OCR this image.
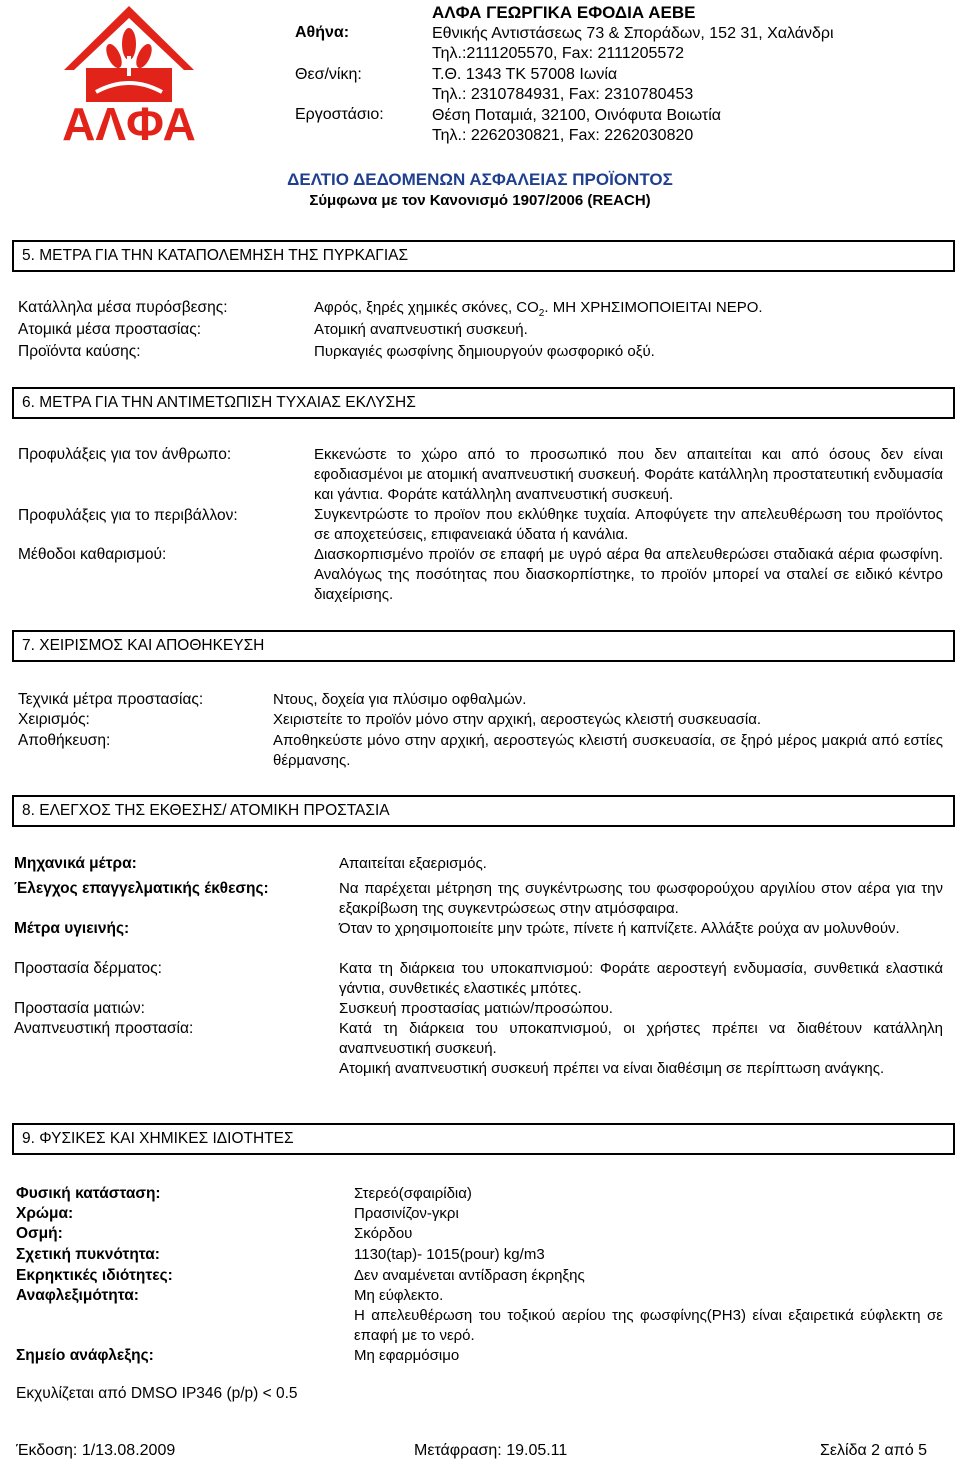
ΑΛΦΑ
Αθήνα:
Θεσ/νίκη:
Εργοστάσιο:
ΑΛΦΑ ΓΕΩΡΓΙΚΑ ΕΦΟΔΙΑ ΑΕΒΕ
Εθνικής Αντιστάσεως 73 & Σποράδων, 152 31, Χαλάνδρι
Τηλ.:2111205570, Fax: 2111205572
Τ.Θ. 1343 ΤΚ 57008 Ιωνία
Τηλ.: 2310784931, Fax: 2310780453
Θέση Ποταμιά, 32100, Οινόφυτα Βοιωτία
Τηλ.: 2262030821, Fax: 2262030820
ΔΕΛΤΙΟ ΔΕΔΟΜΕΝΩΝ ΑΣΦΑΛΕΙΑΣ ΠΡΟΪΟΝΤΟΣ
Σύμφωνα με τον Κανονισμό 1907/2006 (REACH)
5. ΜΕΤΡΑ ΓΙΑ ΤΗΝ ΚΑΤΑΠΟΛΕΜΗΣΗ ΤΗΣ ΠΥΡΚΑΓΙΑΣ
Κατάλληλα μέσα πυρόσβεσης:
Ατομικά μέσα προστασίας:
Προϊόντα καύσης:
Αφρός, ξηρές χημικές σκόνες, $CO_2$. ΜΗ ΧΡΗΣΙΜΟΠΟΙΕΙΤΑΙ ΝΕΡΟ.
Ατομική αναπνευστική συσκευή.
Πυρκαγιές φωσφίνης δημιουργούν φωσφορικό οξύ.
6. ΜΕΤΡΑ ΓΙΑ ΤΗΝ ΑΝΤΙΜΕΤΩΠΙΣΗ ΤΥΧΑΙΑΣ ΕΚΛΥΣΗΣ
Προφυλάξεις για τον άνθρωπο:
Προφυλάξεις για το περιβάλλον:
Μέθοδοι καθαρισμού:
Εκκενώστε το χώρο από το προσωπικό που δεν απαιτείται και από όσους δεν είναι εφοδιασμένοι με ατομική αναπνευστική συσκευή. Φοράτε κατάλληλη προστατευτική ενδυμασία και γάντια. Φοράτε κατάλληλη αναπνευστική συσκευή.
Συγκεντρώστε το προϊον που εκλύθηκε τυχαία. Αποφύγετε την απελευθέρωση του προϊόντος σε αποχετεύσεις, επιφανειακά ύδατα ή κανάλια.
Διασκορπισμένο προϊόν σε επαφή με υγρό αέρα θα απελευθερώσει σταδιακά αέρια φωσφίνη. Αναλόγως της ποσότητας που διασκορπίστηκε, το προϊόν μπορεί να σταλεί σε ειδικό κέντρο διαχείρισης.
7. ΧΕΙΡΙΣΜΟΣ ΚΑΙ ΑΠΟΘΗΚΕΥΣΗ
Τεχνικά μέτρα προστασίας:
Χειρισμός:
Αποθήκευση:
Ντους, δοχεία για πλύσιμο οφθαλμών.
Χειριστείτε το προϊόν μόνο στην αρχική, αεροστεγώς κλειστή συσκευασία.
Αποθηκεύστε μόνο στην αρχική, αεροστεγώς κλειστή συσκευασία, σε ξηρό μέρος μακριά από εστίες θέρμανσης.
8. ΕΛΕΓΧΟΣ ΤΗΣ ΕΚΘΕΣΗΣ/ ΑΤΟΜΙΚΗ ΠΡΟΣΤΑΣΙΑ
Μηχανικά μέτρα:
Έλεγχος επαγγελματικής έκθεσης:
Μέτρα υγιεινής:
Προστασία δέρματος:
Προστασία ματιών:
Αναπνευστική προστασία:
Απαιτείται εξαερισμός.
Να παρέχεται μέτρηση της συγκέντρωσης του φωσφορούχου αργιλίου στον αέρα για την εξακρίβωση της συγκεντρώσεως στην ατμόσφαιρα.
Όταν το χρησιμοποιείτε μην τρώτε, πίνετε ή καπνίζετε. Αλλάξτε ρούχα αν μολυνθούν.
Κατα τη διάρκεια του υποκαπνισμού: Φοράτε αεροστεγή ενδυμασία, συνθετικά ελαστικά γάντια, συνθετικές ελαστικές μπότες.
Συσκευή προστασίας ματιών/προσώπου.

Κατά τη διάρκεια του υποκαπνισμού, οι χρήστες πρέπει να διαθέτουν κατάλληλη αναπνευστική συσκευή.

Ατομική αναπνευστική συσκευή πρέπει να είναι διαθέσιμη σε περίπτωση ανάγκης.

9. ΦΥΣΙΚΕΣ ΚΑΙ ΧΗΜΙΚΕΣ ΙΔΙΟΤΗΤΕΣ
Φυσική κατάσταση:
Χρώμα:
Οσμή:
Σχετική πυκνότητα:
Εκρηκτικές ιδιότητες:
Αναφλεξιμότητα:
Σημείο ανάφλεξης:
Στερεό(σφαιρίδια)
Πρασινίζον-γκρι
Σκόρδου
1130(tap)- 1015(pour) kg/m3
Δεν αναμένεται αντίδραση έκρηξης

Μη εύφλεκτο.

Η απελευθέρωση του τοξικού αερίου της φωσφίνης(PH3) είναι εξαιρετικά εύφλεκτη σε επαφή με το νερό.

Μη εφαρμόσιμο
Εκχυλίζεται από DMSO IP346 (p/p) < 0.5
Έκδοση: 1/13.08.2009	Μετάφραση: 19.05.11	Σελίδα 2 από 5
